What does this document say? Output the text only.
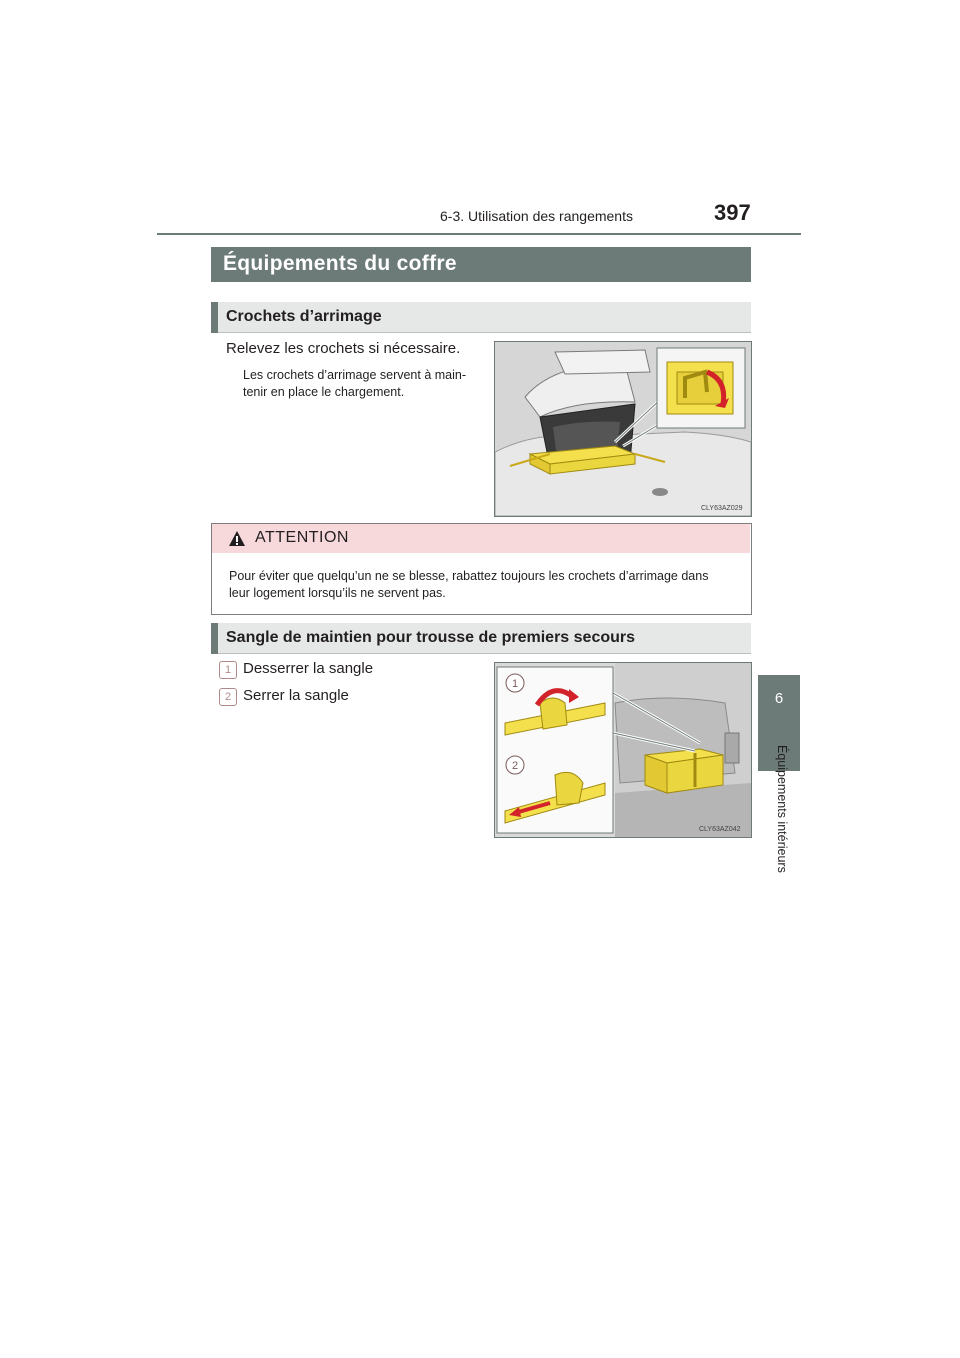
6-3. Utilisation des rangements	397
6
Équipements intérieurs
Équipements du coffre
Crochets d’arrimage
Relevez les crochets si nécessaire.
Les crochets d’arrimage servent à main-
tenir en place le chargement.
CLY63AZ029
ATTENTION
Pour éviter que quelqu’un ne se blesse, rabattez toujours les crochets d’arrimage dans
leur logement lorsqu’ils ne servent pas.
Sangle de maintien pour trousse de premiers secours
1 Desserrer la sangle
2 Serrer la sangle
1
2
CLY63AZ042
